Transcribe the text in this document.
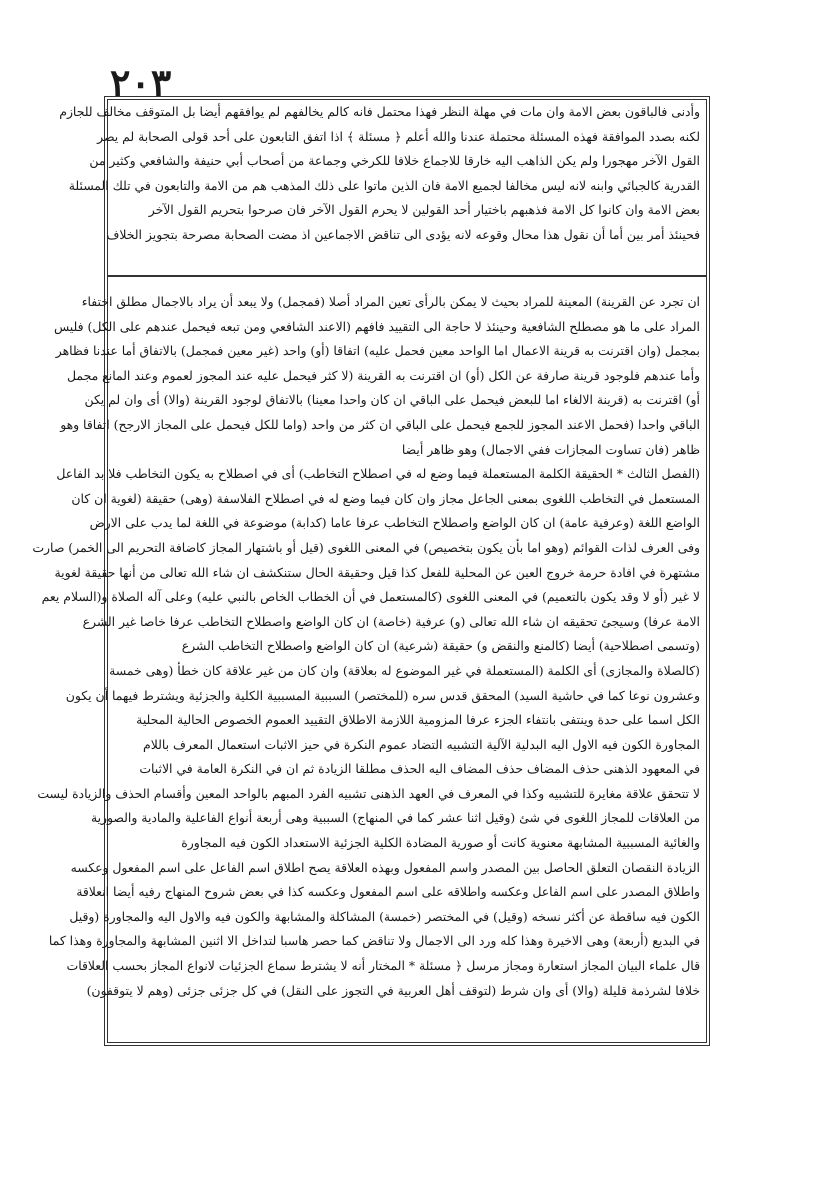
٢٠٣
وأدنى فالباقون بعض الامة وان مات في مهلة النظر فهذا محتمل فانه كالم يخالفهم لم يوافقهم أيضا بل المتوقف مخالف للجازم
لكنه بصدد الموافقة فهذه المسئلة محتملة عندنا والله أعلم ﴿ مسئلة ﴾ اذا اتفق التابعون على أحد قولى الصحابة لم يصر
القول الآخر مهجورا ولم يكن الذاهب اليه خارقا للاجماع خلافا للكرخي وجماعة من أصحاب أبي حنيفة والشافعي وكثير من
القدرية كالجبائي وابنه لانه ليس مخالفا لجميع الامة فان الذين ماتوا على ذلك المذهب هم من الامة والتابعون في تلك المسئلة
بعض الامة وان كانوا كل الامة فذهبهم باختيار أحد القولين لا يحرم القول الآخر فان صرحوا بتحريم القول الآخر
فحينئذ أمر بين أما أن نقول هذا محال وقوعه لانه يؤدى الى تناقض الاجماعين اذ مضت الصحابة مصرحة بتجويز الخلاف
ان تجرد عن القرينة) المعينة للمراد بحيث لا يمكن بالرأى تعين المراد أصلا (فمجمل) ولا يبعد أن يراد بالاجمال مطلق اختفاء
المراد على ما هو مصطلح الشافعية وحينئذ لا حاجة الى التقييد فافهم (الاعند الشافعي ومن تبعه فيحمل عندهم على الكل) فليس
بمجمل (وان اقترنت به قرينة الاعمال اما الواحد معين فحمل عليه) اتفاقا (أو) واحد (غير معين فمجمل) بالاتفاق أما عندنا فظاهر
وأما عندهم فلوجود قرينة صارفة عن الكل (أو) ان اقترنت به القرينة (لا كثر فيحمل عليه عند المجوز لعموم وعند المانع مجمل
أو) اقترنت به (قرينة الالغاء اما للبعض فيحمل على الباقي ان كان واحدا معينا) بالاتفاق لوجود القرينة (والا) أى وان لم يكن
الباقي واحدا (فحمل الاعند المجوز للجمع فيحمل على الباقي ان كثر من واحد (واما للكل فيحمل على المجاز الارجح) اتفاقا وهو
ظاهر (فان تساوت المجازات ففي الاجمال) وهو ظاهر أيضا
(الفصل الثالث * الحقيقة الكلمة المستعملة فيما وضع له في اصطلاح التخاطب) أى في اصطلاح به يكون التخاطب فلا بد الفاعل
المستعمل في التخاطب اللغوى بمعنى الجاعل مجاز وان كان فيما وضع له في اصطلاح الفلاسفة (وهى) حقيقة (لغوية ان كان
الواضع اللغة (وعرفية عامة) ان كان الواضع واصطلاح التخاطب عرفا عاما (كدابة) موضوعة في اللغة لما يدب على الارض
وفى العرف لذات القوائم (وهو اما بأن يكون بتخصيص) في المعنى اللغوى (قيل أو باشتهار المجاز كاضافة التحريم الى الخمر) صارت
مشتهرة في افادة حرمة خروج العين عن المحلية للفعل كذا قيل وحقيقة الحال ستنكشف ان شاء الله تعالى من أنها حقيقة لغوية
لا غير (أو لا وقد يكون بالتعميم) في المعنى اللغوى (كالمستعمل في أن الخطاب الخاص بالنبي عليه) وعلى آله الصلاة و(السلام يعم
الامة عرفا) وسيجئ تحقيقه ان شاء الله تعالى (و) عرفية (خاصة) ان كان الواضع واصطلاح التخاطب عرفا خاصا غير الشرع
(وتسمى اصطلاحية) أيضا (كالمنع والنقض و) حقيقة (شرعية) ان كان الواضع واصطلاح التخاطب الشرع
(كالصلاة والمجازى) أى الكلمة (المستعملة في غير الموضوع له بعلاقة) وان كان من غير علاقة كان خطأ (وهى خمسة
وعشرون نوعا كما في حاشية السيد) المحقق قدس سره (للمختصر) السببية المسببية الكلية والجزئية ويشترط فيهما أن يكون
الكل اسما على حدة وينتفى بانتفاء الجزء عرفا المزومية اللازمة الاطلاق التقييد العموم الخصوص الحالية المحلية
المجاورة الكون فيه الاول اليه البدلية الآلية التشبيه التضاد عموم النكرة في حيز الاثبات استعمال المعرف باللام
في المعهود الذهنى حذف المضاف حذف المضاف اليه الحذف مطلقا الزيادة ثم ان في النكرة العامة في الاثبات
لا تتحقق علاقة مغايرة للتشبيه وكذا في المعرف في العهد الذهنى تشبيه الفرد المبهم بالواحد المعين وأقسام الحذف والزيادة ليست
من العلاقات للمجاز اللغوى في شئ (وقيل اثنا عشر كما في المنهاج) السببية وهى أربعة أنواع الفاعلية والمادية والصورية
والغائية المسببية المشابهة معنوية كانت أو صورية المضادة الكلية الجزئية الاستعداد الكون فيه المجاورة
الزيادة النقصان التعلق الحاصل بين المصدر واسم المفعول وبهذه العلاقة يصح اطلاق اسم الفاعل على اسم المفعول وعكسه
واطلاق المصدر على اسم الفاعل وعكسه واطلاقه على اسم المفعول وعكسه كذا في بعض شروح المنهاج رفيه أيضا انعلاقة
الكون فيه ساقطة عن أكثر نسخه (وقيل) في المختصر (خمسة) المشاكلة والمشابهة والكون فيه والاول اليه والمجاورة (وقيل
في البديع (أربعة) وهى الاخيرة وهذا كله ورد الى الاجمال ولا تناقض كما حصر هاسبا لتداخل الا اثنين المشابهة والمجاورة وهذا كما
قال علماء البيان المجاز استعارة ومجاز مرسل ﴿ مسئلة * المختار أنه لا يشترط سماع الجزئيات لانواع المجاز بحسب العلاقات
خلافا لشرذمة قليلة (والا) أى وان شرط (لتوقف أهل العربية في التجوز على النقل) في كل جزئى جزئى (وهم لا يتوقفون)
